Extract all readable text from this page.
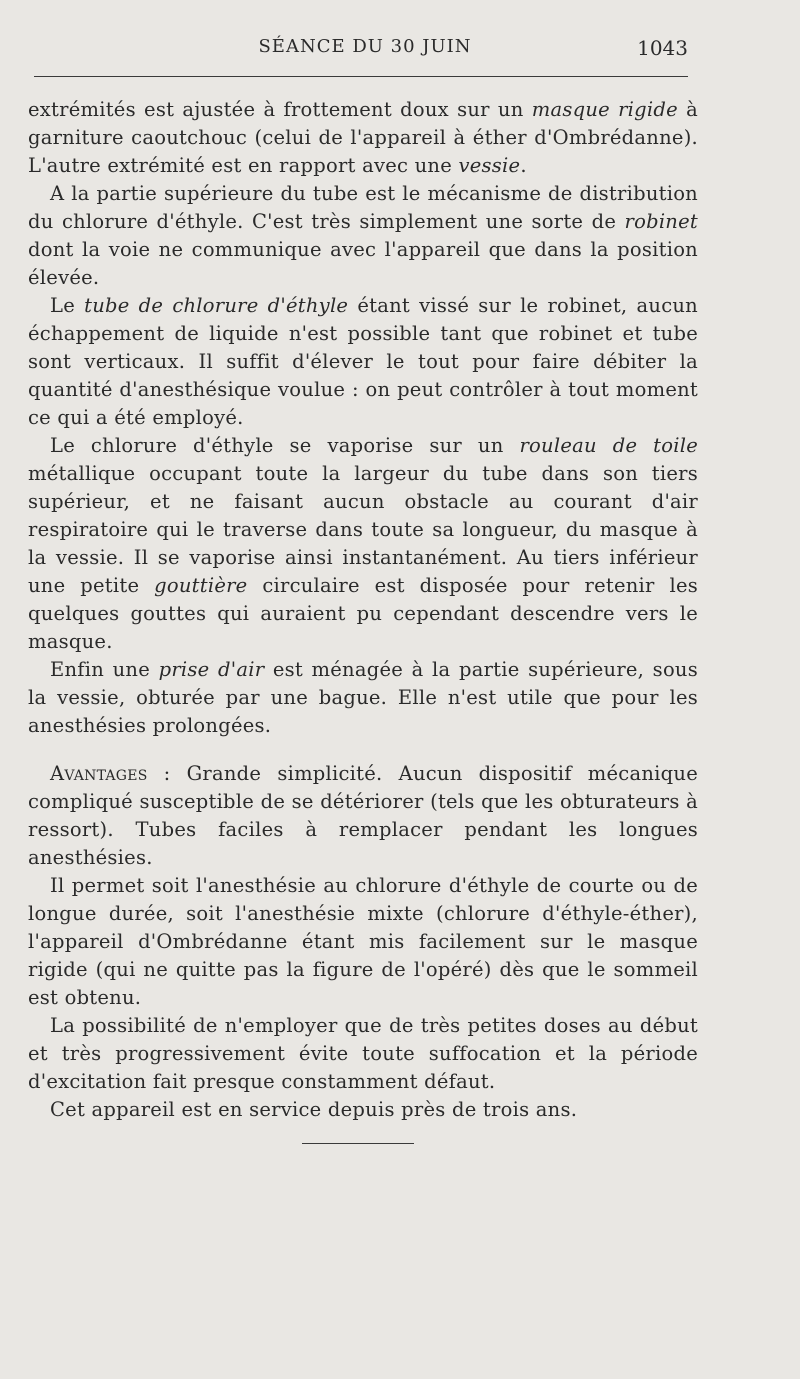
SÉANCE DU 30 JUIN	1043

extrémités est ajustée à frottement doux sur un masque rigide à garniture caoutchouc (celui de l'appareil à éther d'Ombrédanne). L'autre extrémité est en rapport avec une vessie.

A la partie supérieure du tube est le mécanisme de distribution du chlorure d'éthyle. C'est très simplement une sorte de robinet dont la voie ne communique avec l'appareil que dans la position élevée.

Le tube de chlorure d'éthyle étant vissé sur le robinet, aucun échappement de liquide n'est possible tant que robinet et tube sont verticaux. Il suffit d'élever le tout pour faire débiter la quantité d'anesthésique voulue : on peut contrôler à tout moment ce qui a été employé.

Le chlorure d'éthyle se vaporise sur un rouleau de toile métallique occupant toute la largeur du tube dans son tiers supérieur, et ne faisant aucun obstacle au courant d'air respiratoire qui le traverse dans toute sa longueur, du masque à la vessie. Il se vaporise ainsi instantanément. Au tiers inférieur une petite gouttière circulaire est disposée pour retenir les quelques gouttes qui auraient pu cependant descendre vers le masque.

Enfin une prise d'air est ménagée à la partie supérieure, sous la vessie, obturée par une bague. Elle n'est utile que pour les anesthésies prolongées.

Avantages : Grande simplicité. Aucun dispositif mécanique compliqué susceptible de se détériorer (tels que les obturateurs à ressort). Tubes faciles à remplacer pendant les longues anesthésies.

Il permet soit l'anesthésie au chlorure d'éthyle de courte ou de longue durée, soit l'anesthésie mixte (chlorure d'éthyle-éther), l'appareil d'Ombrédanne étant mis facilement sur le masque rigide (qui ne quitte pas la figure de l'opéré) dès que le sommeil est obtenu.

La possibilité de n'employer que de très petites doses au début et très progressivement évite toute suffocation et la période d'excitation fait presque constamment défaut.

Cet appareil est en service depuis près de trois ans.
